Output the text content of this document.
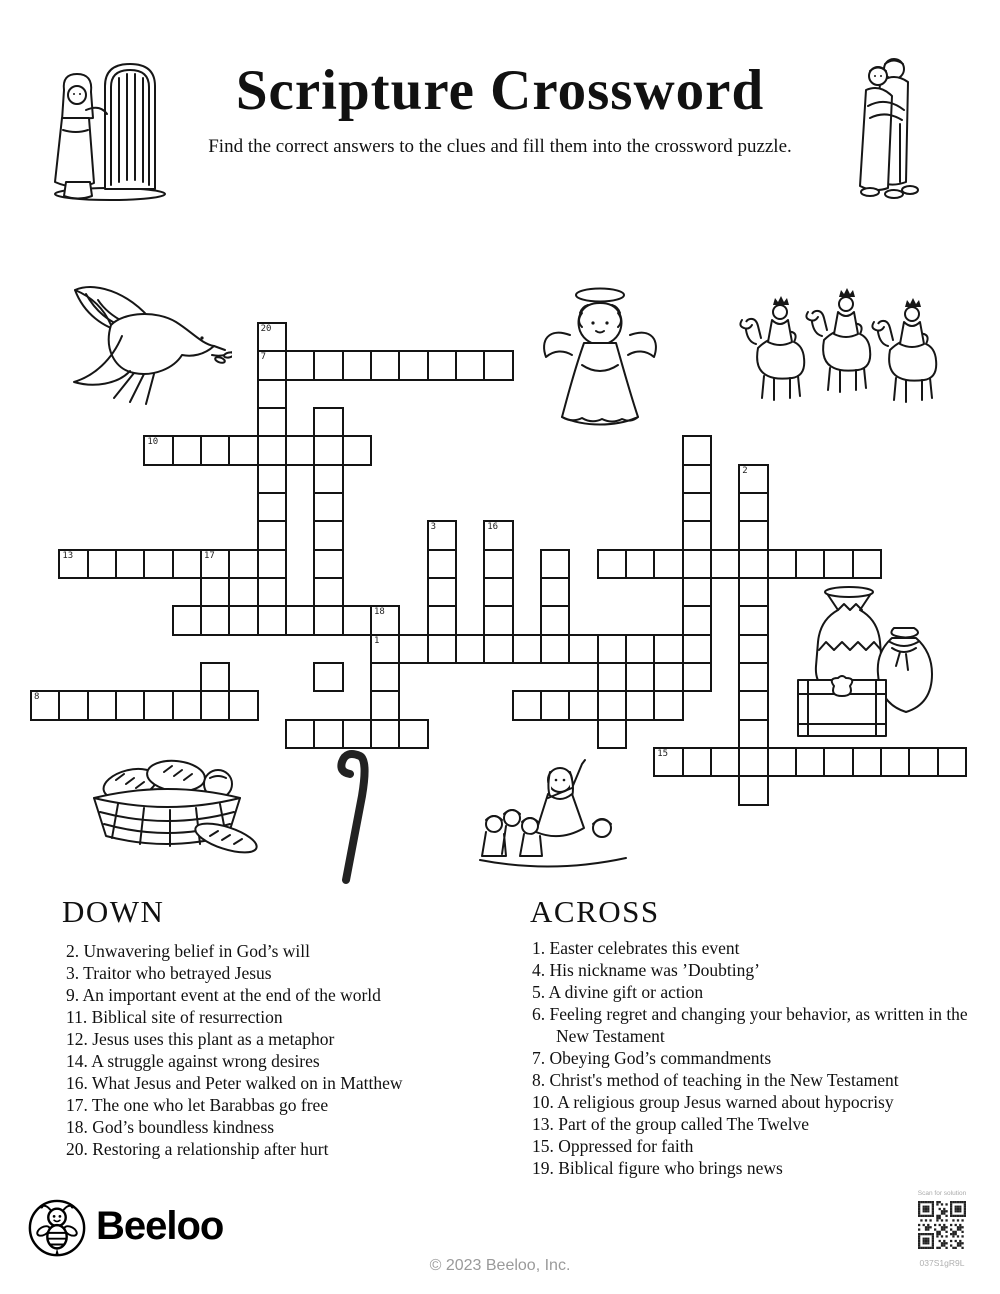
Scripture Crossword
Find the correct answers to the clues and fill them into the crossword puzzle.
20
7
10
2
3	16
13	17
18
1
8
15
DOWN
2. Unwavering belief in God’s will
3. Traitor who betrayed Jesus
9. An important event at the end of the world
11. Biblical site of resurrection
12. Jesus uses this plant as a metaphor
14. A struggle against wrong desires
16. What Jesus and Peter walked on in Matthew
17. The one who let Barabbas go free
18. God’s boundless kindness
20. Restoring a relationship after hurt
ACROSS
1. Easter celebrates this event
4. His nickname was ’Doubting’
5. A divine gift or action
6. Feeling regret and changing your behavior, as written in the New Testament
7. Obeying God’s commandments
8. Christ's method of teaching in the New Testament
10. A religious group Jesus warned about hypocrisy
13. Part of the group called The Twelve
15. Oppressed for faith
19. Biblical figure who brings news
Beeloo
© 2023 Beeloo, Inc.
Scan for solution
037S1gR9L
